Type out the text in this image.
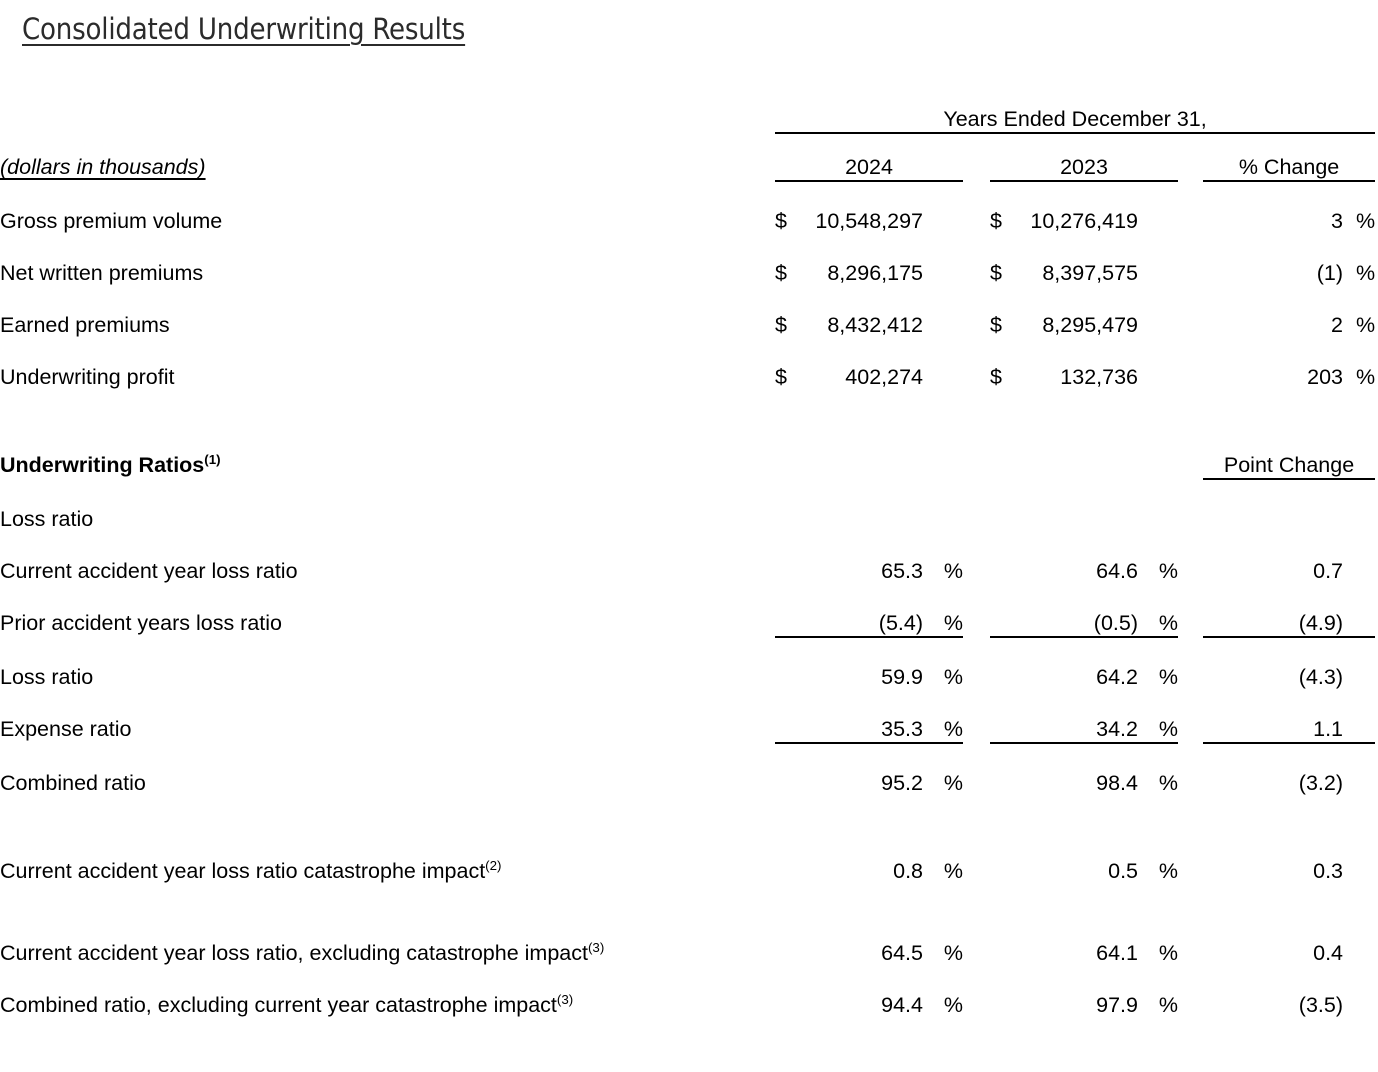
Consolidated Underwriting Results
	Years Ended December 31,										

(dollars in thousands)	2024				2023				% Change		

Gross premium volume	$	10,548,297			$	10,276,419			3	%	
Net written premiums	$	8,296,175			$	8,397,575			(1)	%	
Earned premiums	$	8,432,412			$	8,295,479			2	%	
Underwriting profit	$	402,274			$	132,736			203	%	

Underwriting Ratios$^{(1)}$									Point Change		

Loss ratio											
Current accident year loss ratio		65.3	%			64.6	%		0.7		
Prior accident years loss ratio		(5.4)	%			(0.5)	%		(4.9)		

Loss ratio		59.9	%			64.2	%		(4.3)		
Expense ratio		35.3	%			34.2	%		1.1		

Combined ratio		95.2	%			98.4	%		(3.2)		

Current accident year loss ratio catastrophe impact$^{(2)}$		0.8	%			0.5	%		0.3		

Current accident year loss ratio, excluding catastrophe impact$^{(3)}$		64.5	%			64.1	%		0.4		
Combined ratio, excluding current year catastrophe impact$^{(3)}$		94.4	%			97.9	%		(3.5)		
